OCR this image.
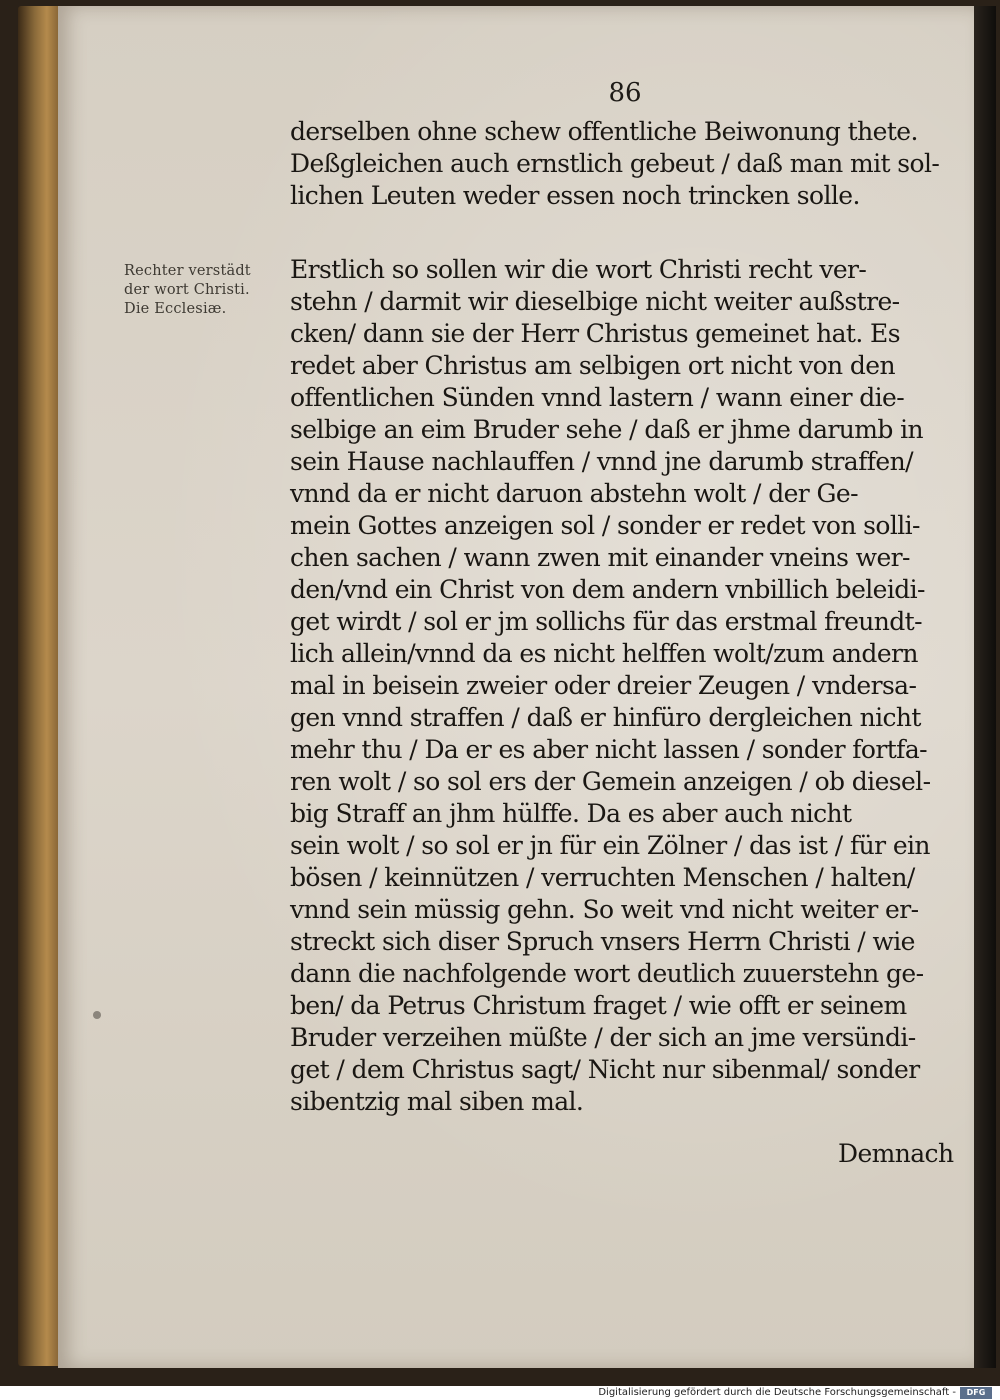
86
Rechter verstädt
der wort Christi.
Die Ecclesiæ.
derselben ohne schew offentliche Beiwonung thete.
Deßgleichen auch ernstlich gebeut / daß man mit sol-
lichen Leuten weder essen noch trincken solle.
Erstlich so sollen wir die wort Christi recht ver-
stehn / darmit wir dieselbige nicht weiter außstre-
cken/ dann sie der Herr Christus gemeinet hat. Es
redet aber Christus am selbigen ort nicht von den
offentlichen Sünden vnnd lastern / wann einer die-
selbige an eim Bruder sehe / daß er jhme darumb in
sein Hause nachlauffen / vnnd jne darumb straffen/
vnnd da er nicht daruon abstehn wolt / der Ge-
mein Gottes anzeigen sol / sonder er redet von solli-
chen sachen / wann zwen mit einander vneins wer-
den/vnd ein Christ von dem andern vnbillich beleidi-
get wirdt / sol er jm sollichs für das erstmal freundt-
lich allein/vnnd da es nicht helffen wolt/zum andern
mal in beisein zweier oder dreier Zeugen / vndersa-
gen vnnd straffen / daß er hinfüro dergleichen nicht
mehr thu / Da er es aber nicht lassen / sonder fortfa-
ren wolt / so sol ers der Gemein anzeigen / ob diesel-
big Straff an jhm hülffe. Da es aber auch nicht
sein wolt / so sol er jn für ein Zölner / das ist / für ein
bösen / keinnützen / verruchten Menschen / halten/
vnnd sein müssig gehn. So weit vnd nicht weiter er-
streckt sich diser Spruch vnsers Herrn Christi / wie
dann die nachfolgende wort deutlich zuuerstehn ge-
ben/ da Petrus Christum fraget / wie offt er seinem
Bruder verzeihen müßte / der sich an jme versündi-
get / dem Christus sagt/ Nicht nur sibenmal/ sonder
sibentzig mal siben mal.
Demnach
Digitalisierung gefördert durch die Deutsche Forschungsgemeinschaft -	DFG
